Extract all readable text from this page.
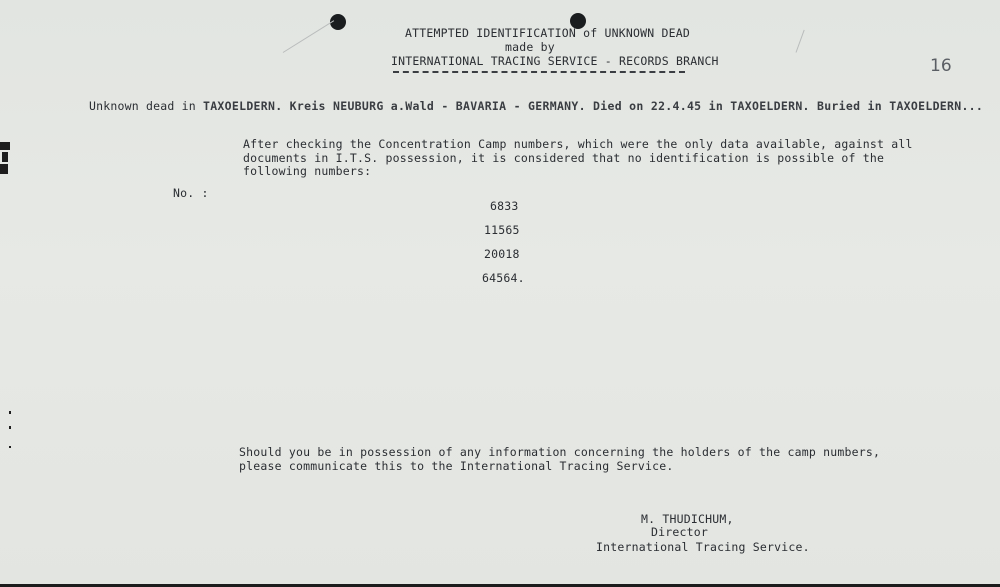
ATTEMPTED IDENTIFICATION of UNKNOWN DEAD
made by
INTERNATIONAL TRACING SERVICE - RECORDS BRANCH	16
Unknown dead in TAXOELDERN. Kreis NEUBURG a.Wald - BAVARIA - GERMANY. Died on 22.4.45 in TAXOELDERN. Buried in TAXOELDERN...
After checking the Concentration Camp numbers, which were the only data available, against all
documents in I.T.S. possession, it is considered that no identification is possible of the
following numbers:
No. :
6833
11565
20018
64564.
Should you be in possession of any information concerning the holders of the camp numbers,
please communicate this to the International Tracing Service.
M. THUDICHUM,
Director
International Tracing Service.
